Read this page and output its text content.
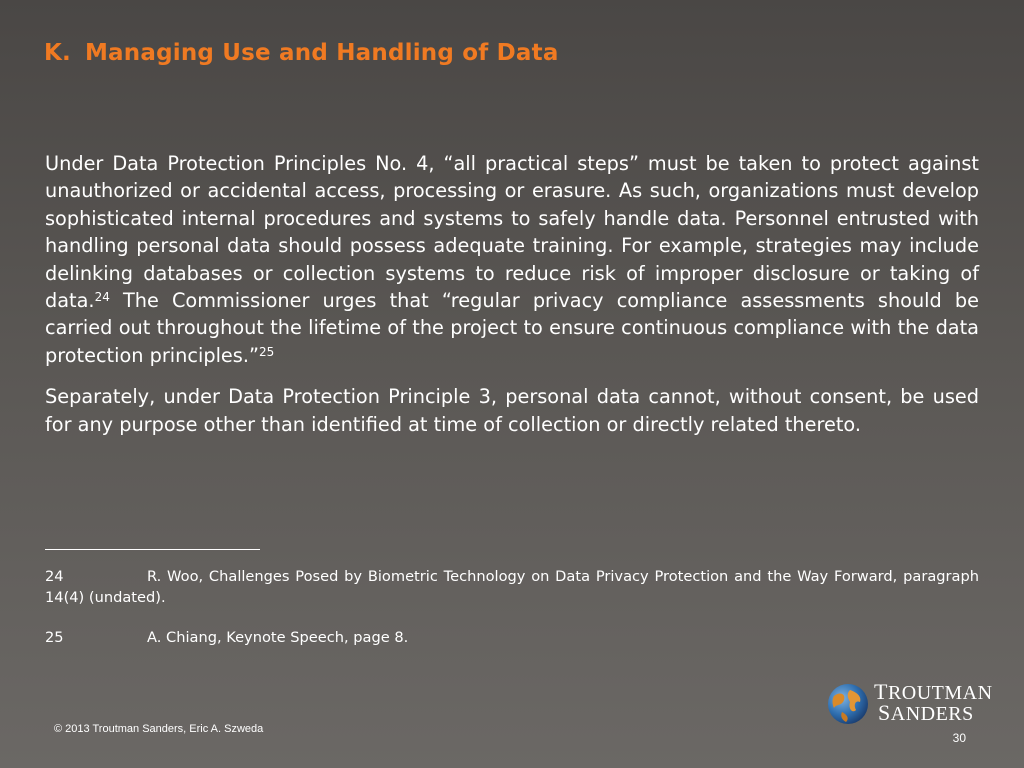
K. Managing Use and Handling of Data

Under Data Protection Principles No. 4, “all practical steps” must be taken to protect against unauthorized or accidental access, processing or erasure. As such, organizations must develop sophisticated internal procedures and systems to safely handle data. Personnel entrusted with handling personal data should possess adequate training. For example, strategies may include delinking databases or collection systems to reduce risk of improper disclosure or taking of data.$^{24}$ The Commissioner urges that “regular privacy compliance assessments should be carried out throughout the lifetime of the project to ensure continuous compliance with the data protection principles.”$^{25}$

Separately, under Data Protection Principle 3, personal data cannot, without consent, be used for any purpose other than identified at time of collection or directly related thereto.

24	R. Woo, Challenges Posed by Biometric Technology on Data Privacy Protection and the Way Forward, paragraph 14(4) (undated).
25	A. Chiang, Keynote Speech, page 8.
© 2013 Troutman Sanders, Eric A. Szweda
TROUTMAN
SANDERS
30
